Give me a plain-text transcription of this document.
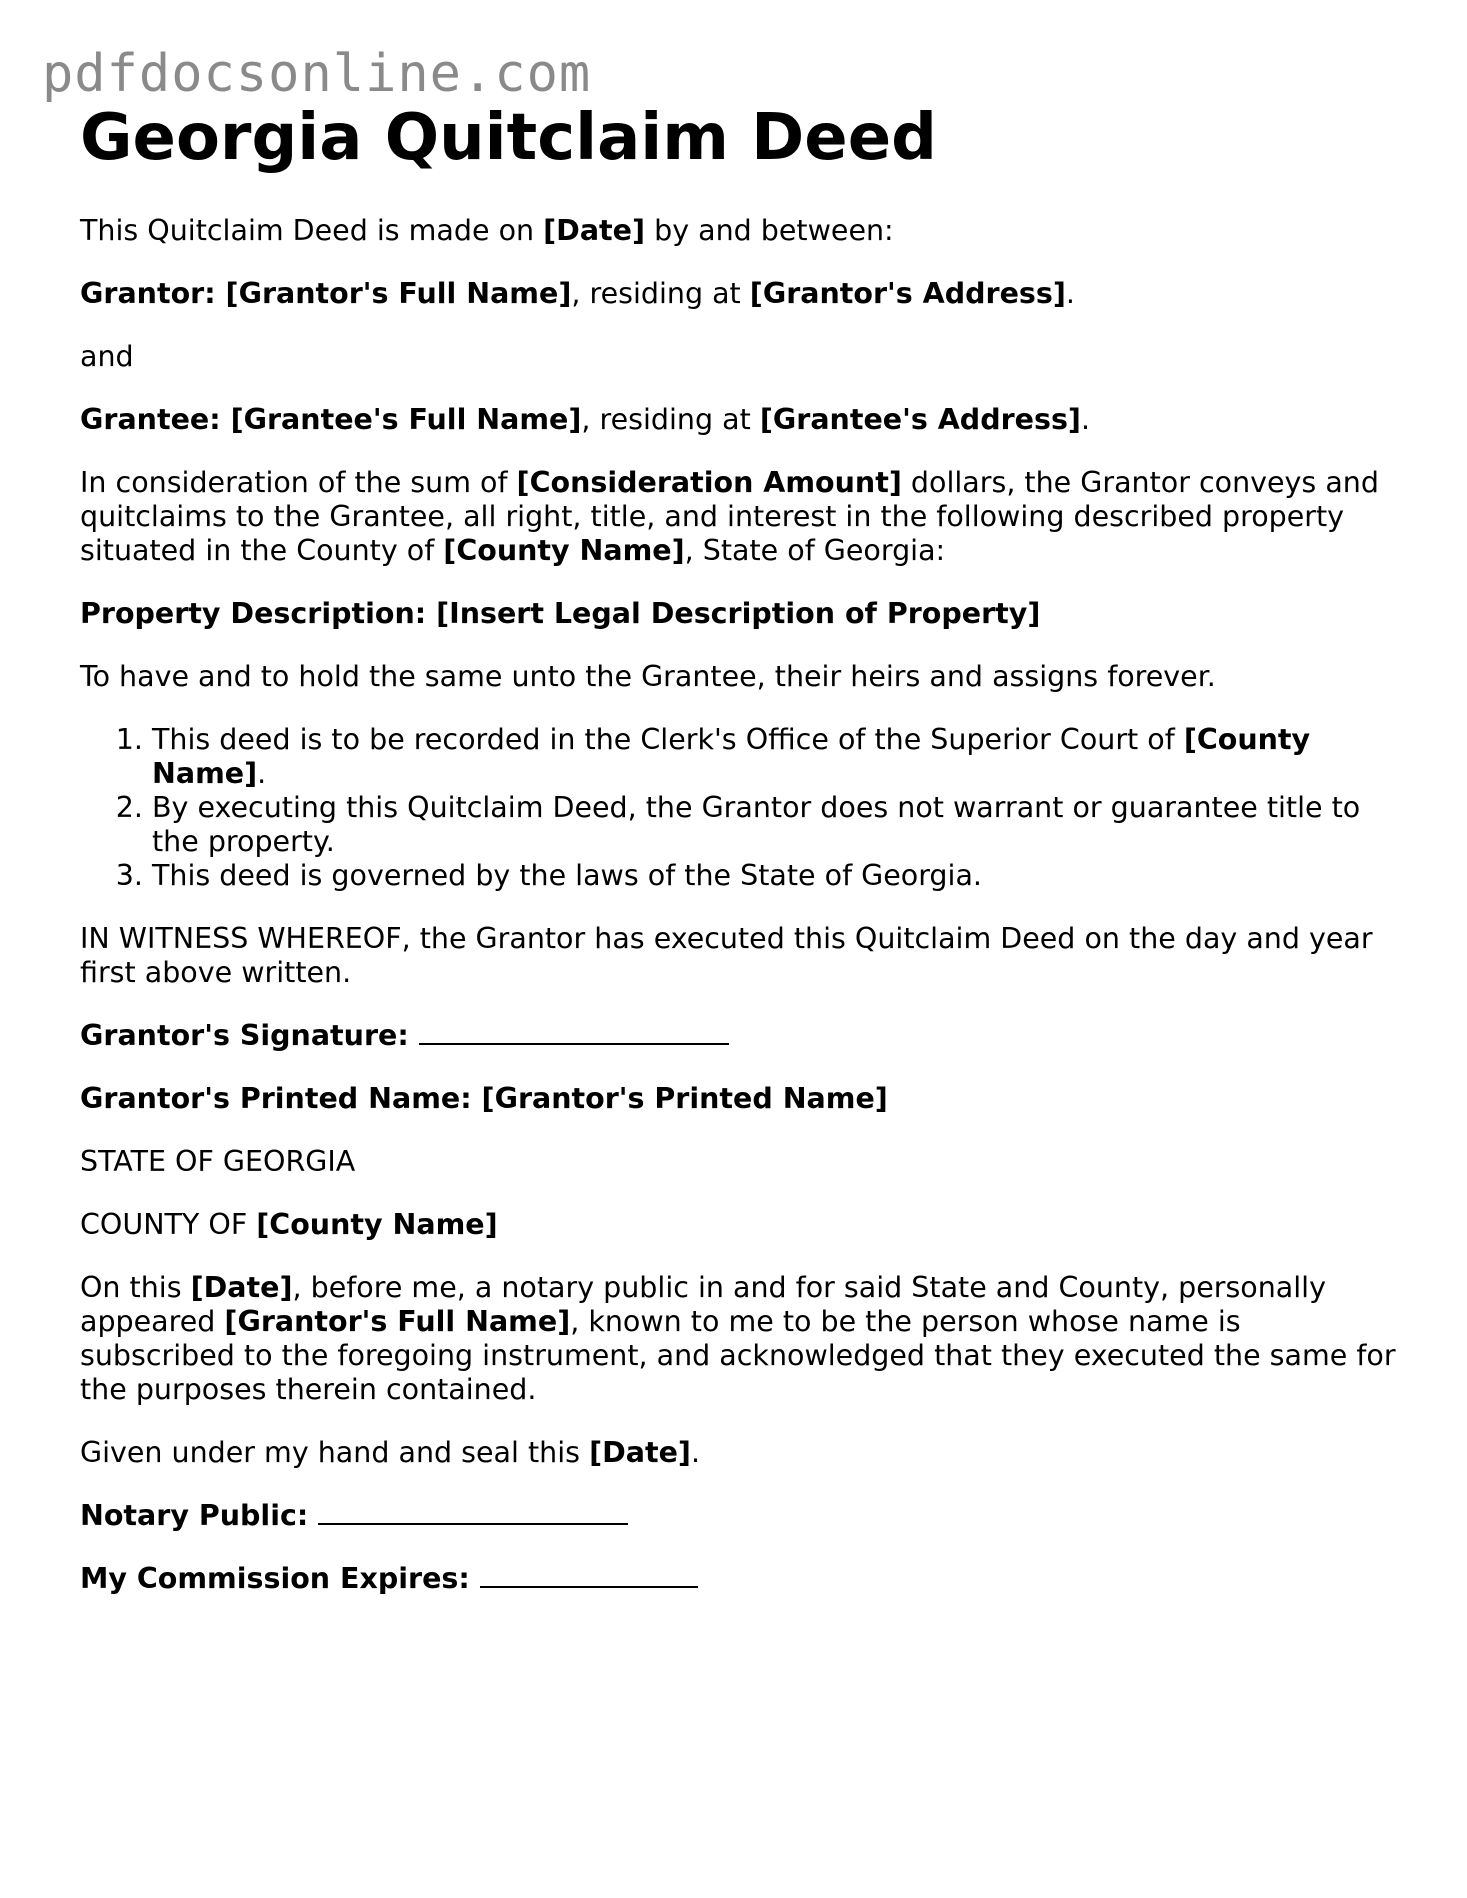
pdfdocsonline.com
Georgia Quitclaim Deed

This Quitclaim Deed is made on [Date] by and between:

Grantor: [Grantor's Full Name], residing at [Grantor's Address].

and

Grantee: [Grantee's Full Name], residing at [Grantee's Address].

In consideration of the sum of [Consideration Amount] dollars, the Grantor conveys and quitclaims to the Grantee, all right, title, and interest in the following described property situated in the County of [County Name], State of Georgia:

Property Description: [Insert Legal Description of Property]

To have and to hold the same unto the Grantee, their heirs and assigns forever.

1. This deed is to be recorded in the Clerk's Office of the Superior Court of [County Name].
2. By executing this Quitclaim Deed, the Grantor does not warrant or guarantee title to the property.
3. This deed is governed by the laws of the State of Georgia.

IN WITNESS WHEREOF, the Grantor has executed this Quitclaim Deed on the day and year first above written.

Grantor's Signature:

Grantor's Printed Name: [Grantor's Printed Name]

STATE OF GEORGIA

COUNTY OF [County Name]

On this [Date], before me, a notary public in and for said State and County, personally appeared [Grantor's Full Name], known to me to be the person whose name is subscribed to the foregoing instrument, and acknowledged that they executed the same for the purposes therein contained.

Given under my hand and seal this [Date].

Notary Public:

My Commission Expires:
